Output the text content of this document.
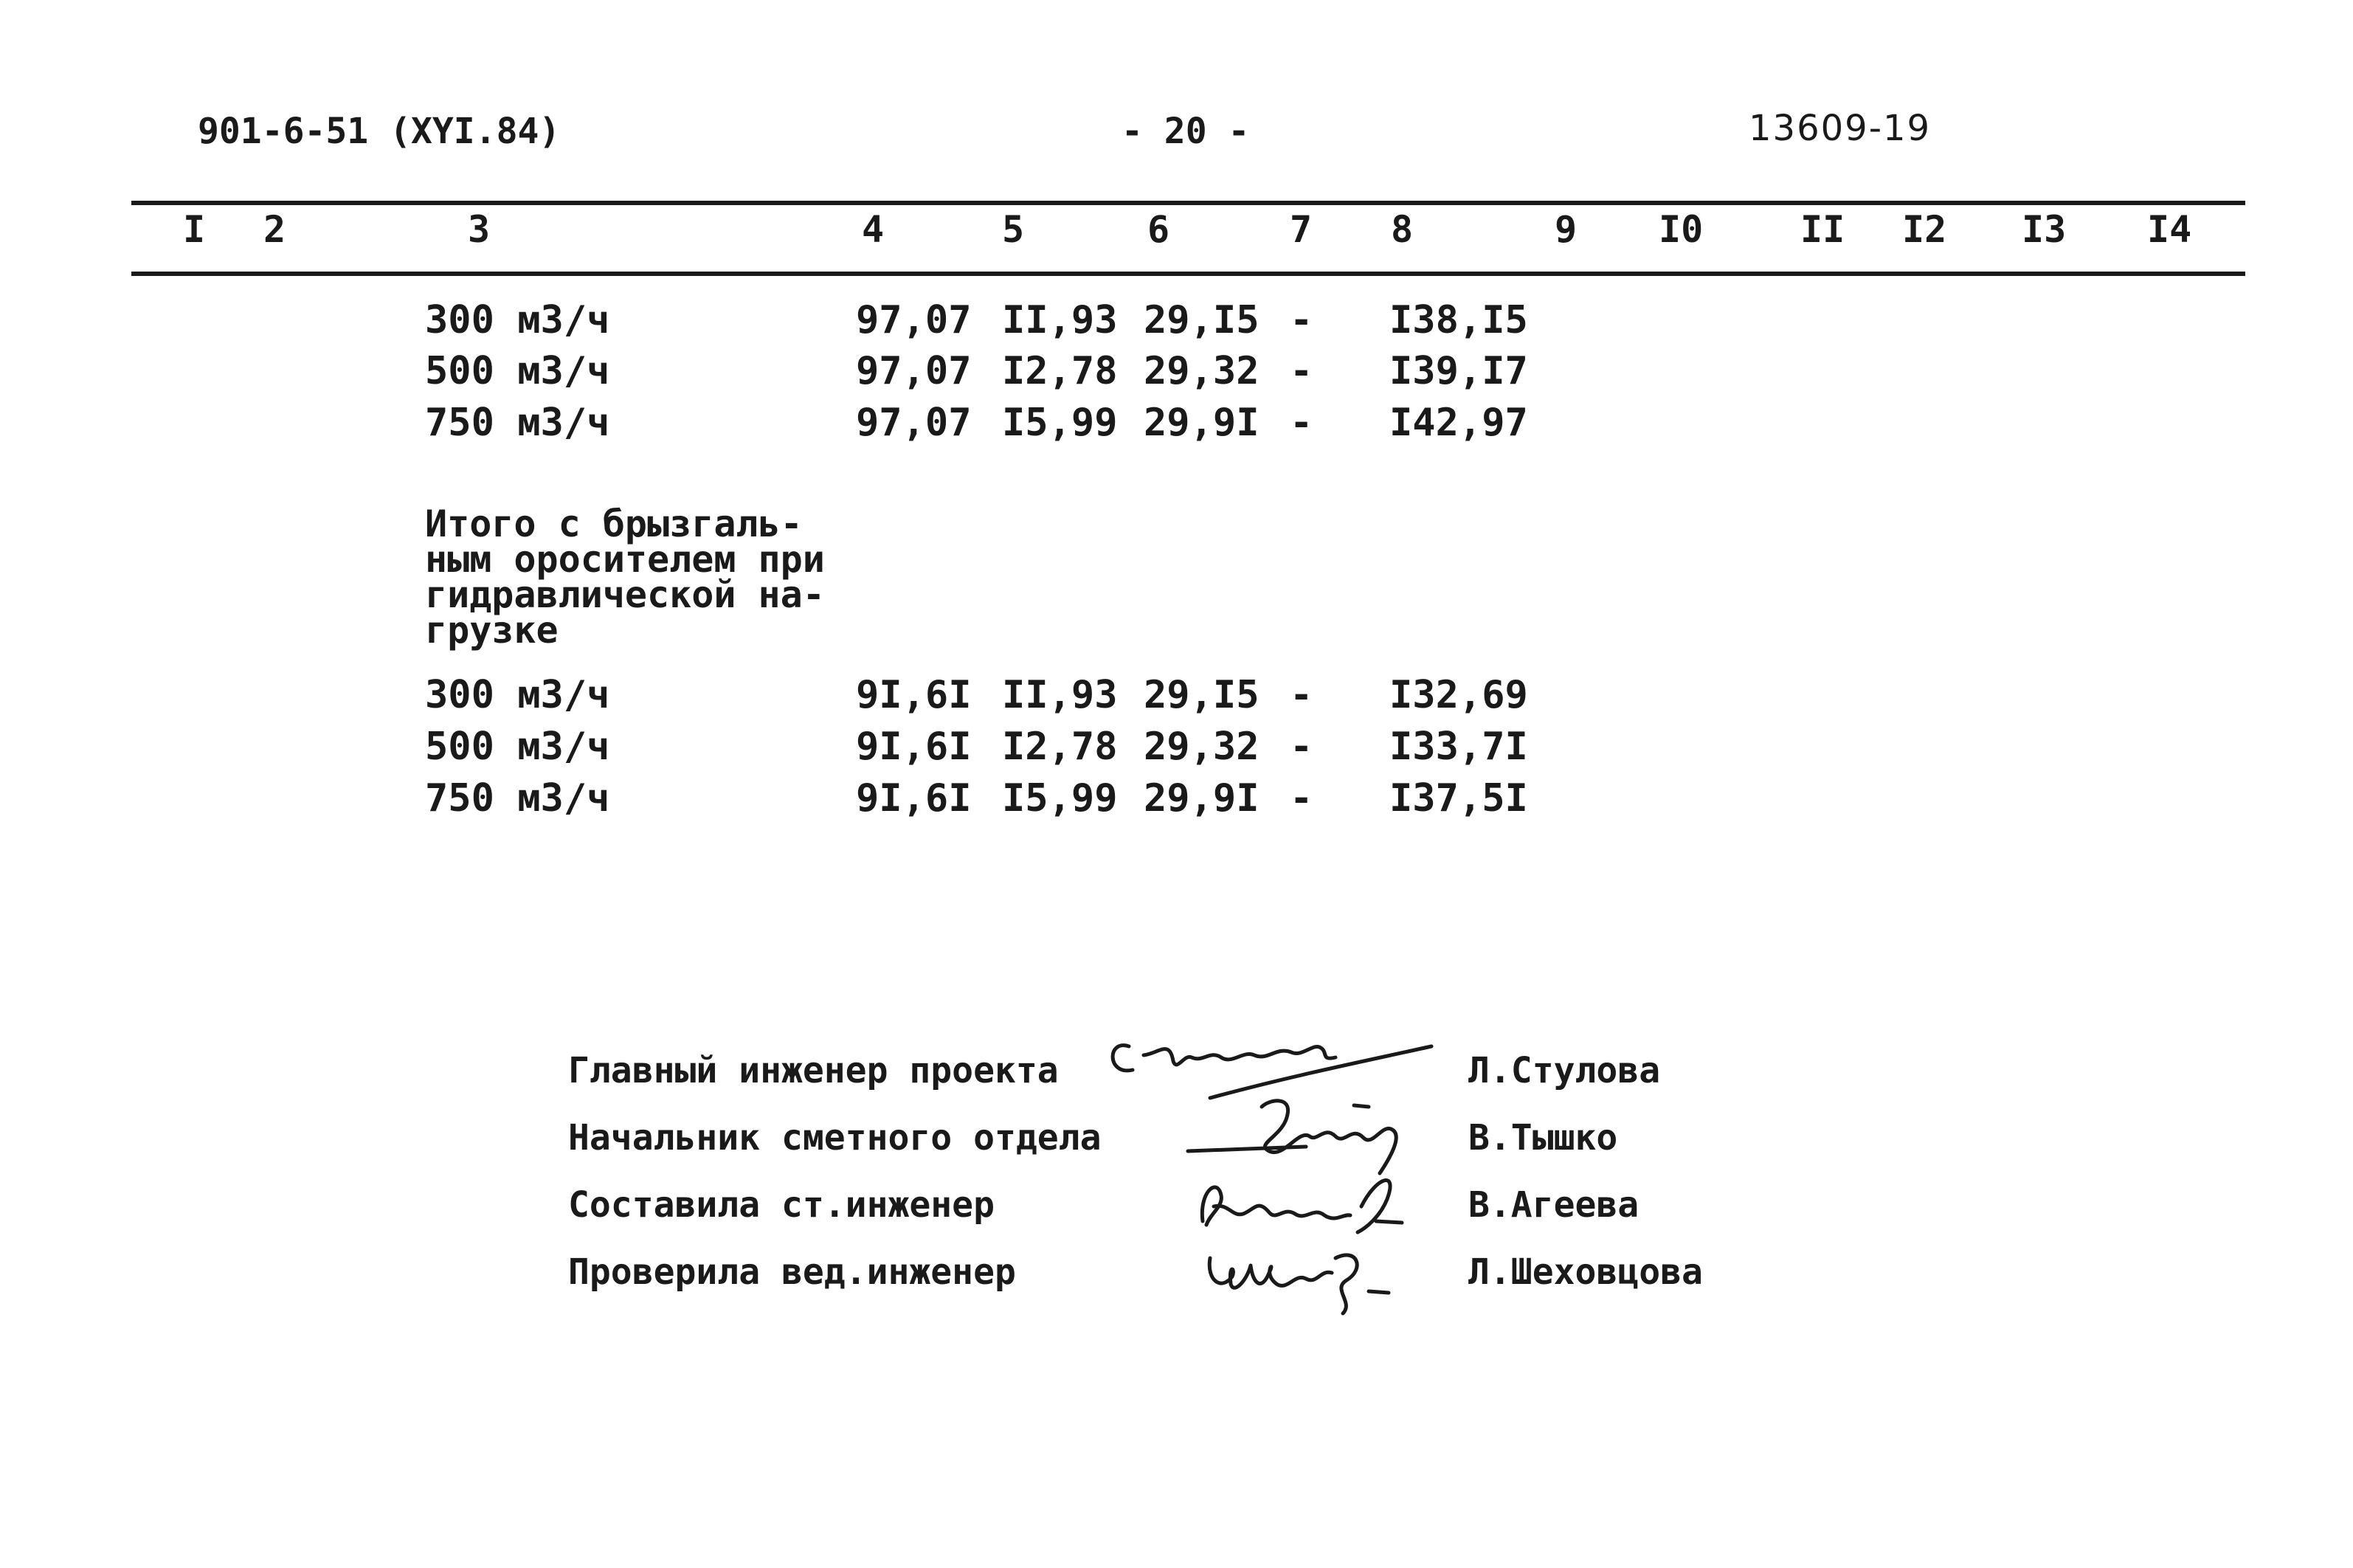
901-6-51 (XYI.84)	- 20 -	13609-19
I 2	3	4	5	6	7 8	9 I0	II I2 I3 I4
300 м3/ч	97,07 II,93 29,I5 - I38,I5
500 м3/ч	97,07 I2,78 29,32 - I39,I7
750 м3/ч	97,07 I5,99 29,9I - I42,97
Итого с брызгаль-
ным оросителем при
гидравлической на-
грузке
300 м3/ч	9I,6I II,93 29,I5 - I32,69
500 м3/ч	9I,6I I2,78 29,32 - I33,7I
750 м3/ч	9I,6I I5,99 29,9I - I37,5I
Главный инженер проекта	Л.Стулова
Начальник сметного отдела	В.Тышко
Составила ст.инженер	В.Агеева
Проверила вед.инженер	Л.Шеховцова
